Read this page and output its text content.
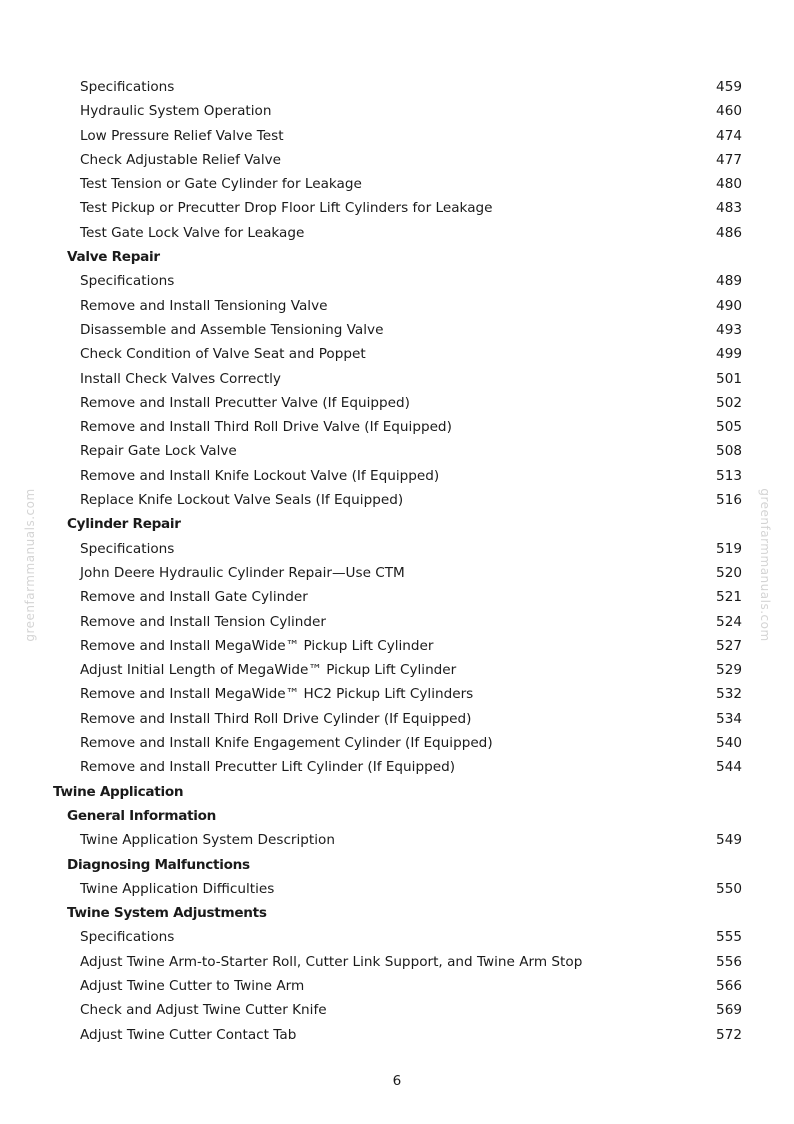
greenfarmmanuals.com	greenfarmmanuals.com
Specifications	459
Hydraulic System Operation	460
Low Pressure Relief Valve Test	474
Check Adjustable Relief Valve	477
Test Tension or Gate Cylinder for Leakage	480
Test Pickup or Precutter Drop Floor Lift Cylinders for Leakage	483
Test Gate Lock Valve for Leakage	486
Valve Repair
Specifications	489
Remove and Install Tensioning Valve	490
Disassemble and Assemble Tensioning Valve	493
Check Condition of Valve Seat and Poppet	499
Install Check Valves Correctly	501
Remove and Install Precutter Valve (If Equipped)	502
Remove and Install Third Roll Drive Valve (If Equipped)	505
Repair Gate Lock Valve	508
Remove and Install Knife Lockout Valve (If Equipped)	513
Replace Knife Lockout Valve Seals (If Equipped)	516
Cylinder Repair
Specifications	519
John Deere Hydraulic Cylinder Repair—Use CTM	520
Remove and Install Gate Cylinder	521
Remove and Install Tension Cylinder	524
Remove and Install MegaWide™ Pickup Lift Cylinder	527
Adjust Initial Length of MegaWide™ Pickup Lift Cylinder	529
Remove and Install MegaWide™ HC2 Pickup Lift Cylinders	532
Remove and Install Third Roll Drive Cylinder (If Equipped)	534
Remove and Install Knife Engagement Cylinder (If Equipped)	540
Remove and Install Precutter Lift Cylinder (If Equipped)	544
Twine Application
General Information
Twine Application System Description	549
Diagnosing Malfunctions
Twine Application Difficulties	550
Twine System Adjustments
Specifications	555
Adjust Twine Arm-to-Starter Roll, Cutter Link Support, and Twine Arm Stop	556
Adjust Twine Cutter to Twine Arm	566
Check and Adjust Twine Cutter Knife	569
Adjust Twine Cutter Contact Tab	572
6
